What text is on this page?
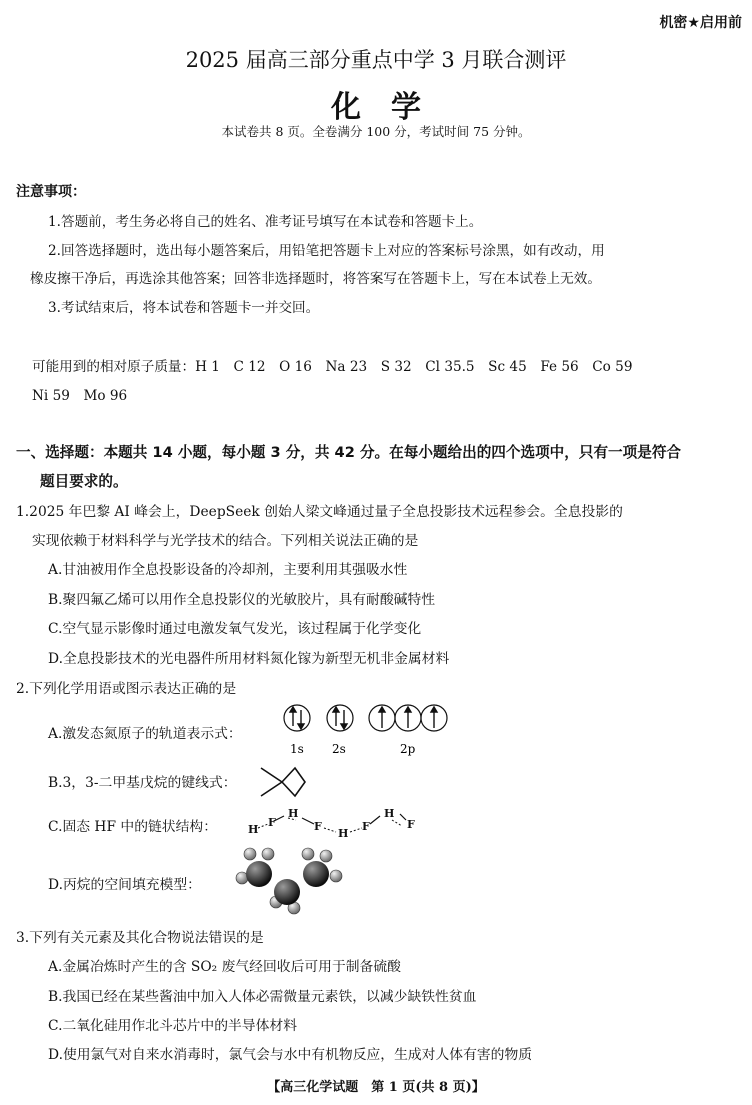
机密★启用前
2025 届高三部分重点中学 3 月联合测评
化学
本试卷共 8 页。全卷满分 100 分，考试时间 75 分钟。
注意事项：
1.答题前，考生务必将自己的姓名、准考证号填写在本试卷和答题卡上。
2.回答选择题时，选出每小题答案后，用铅笔把答题卡上对应的答案标号涂黑，如有改动，用
橡皮擦干净后，再选涂其他答案；回答非选择题时，将答案写在答题卡上，写在本试卷上无效。
3.考试结束后，将本试卷和答题卡一并交回。
可能用到的相对原子质量：H 1　C 12　O 16　Na 23　S 32　Cl 35.5　Sc 45　Fe 56　Co 59
Ni 59　Mo 96
一、选择题：本题共 14 小题，每小题 3 分，共 42 分。在每小题给出的四个选项中，只有一项是符合
题目要求的。
1.2025 年巴黎 AI 峰会上，DeepSeek 创始人梁文峰通过量子全息投影技术远程参会。全息投影的
实现依赖于材料科学与光学技术的结合。下列相关说法正确的是
A.甘油被用作全息投影设备的冷却剂，主要利用其强吸水性
B.聚四氟乙烯可以用作全息投影仪的光敏胶片，具有耐酸碱特性
C.空气显示影像时通过电激发氧气发光，该过程属于化学变化
D.全息投影技术的光电器件所用材料氮化镓为新型无机非金属材料
2.下列化学用语或图示表达正确的是
A.激发态氮原子的轨道表示式：
1s 2s	2p
B.3，3-二甲基戊烷的键线式：
C.固态 HF 中的链状结构：	H
F
H
F
H
F
H
F
D.丙烷的空间填充模型：
3.下列有关元素及其化合物说法错误的是
A.金属冶炼时产生的含 SO₂ 废气经回收后可用于制备硫酸
B.我国已经在某些酱油中加入人体必需微量元素铁，以减少缺铁性贫血
C.二氧化硅用作北斗芯片中的半导体材料
D.使用氯气对自来水消毒时，氯气会与水中有机物反应，生成对人体有害的物质
【高三化学试题　第 1 页(共 8 页)】
